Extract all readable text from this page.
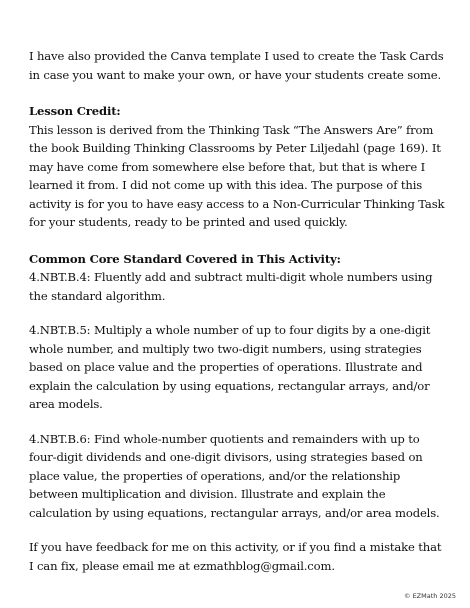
I have also provided the Canva template I used to create the Task Cards in case you want to make your own, or have your students create some.

Lesson Credit:

This lesson is derived from the Thinking Task “The Answers Are” from the book Building Thinking Classrooms by Peter Liljedahl (page 169). It may have come from somewhere else before that, but that is where I learned it from. I did not come up with this idea. The purpose of this activity is for you to have easy access to a Non-Curricular Thinking Task for your students, ready to be printed and used quickly.

Common Core Standard Covered in This Activity:

4.NBT.B.4: Fluently add and subtract multi-digit whole numbers using the standard algorithm.

4.NBT.B.5: Multiply a whole number of up to four digits by a one-digit whole number, and multiply two two-digit numbers, using strategies based on place value and the properties of operations. Illustrate and explain the calculation by using equations, rectangular arrays, and/or area models.

4.NBT.B.6: Find whole-number quotients and remainders with up to four-digit dividends and one-digit divisors, using strategies based on place value, the properties of operations, and/or the relationship between multiplication and division. Illustrate and explain the calculation by using equations, rectangular arrays, and/or area models.

If you have feedback for me on this activity, or if you find a mistake that I can fix, please email me at ezmathblog@gmail.com.

© EZMath 2025
